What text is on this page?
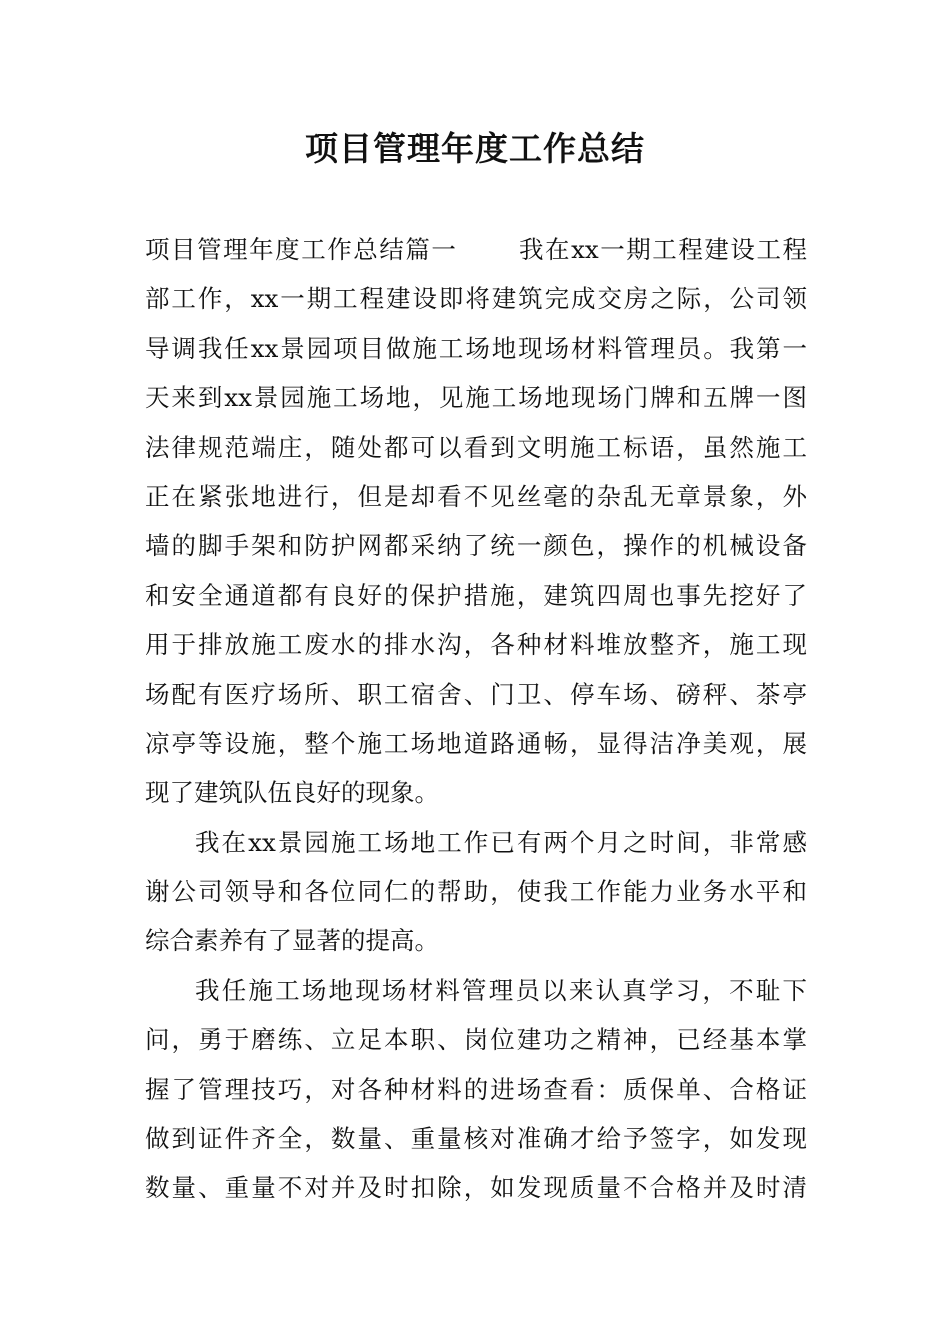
项目管理年度工作总结
项目管理年度工作总结篇一 我在xx一期工程建设工程
部工作，xx一期工程建设即将建筑完成交房之际，公司领
导调我任xx景园项目做施工场地现场材料管理员。我第一
天来到xx景园施工场地，见施工场地现场门牌和五牌一图
法律规范端庄，随处都可以看到文明施工标语，虽然施工
正在紧张地进行，但是却看不见丝毫的杂乱无章景象，外
墙的脚手架和防护网都采纳了统一颜色，操作的机械设备
和安全通道都有良好的保护措施，建筑四周也事先挖好了
用于排放施工废水的排水沟，各种材料堆放整齐，施工现
场配有医疗场所、职工宿舍、门卫、停车场、磅秤、茶亭
凉亭等设施，整个施工场地道路通畅，显得洁净美观，展
现了建筑队伍良好的现象。
我在xx景园施工场地工作已有两个月之时间，非常感
谢公司领导和各位同仁的帮助，使我工作能力业务水平和
综合素养有了显著的提高。
我任施工场地现场材料管理员以来认真学习，不耻下
问，勇于磨练、立足本职、岗位建功之精神，已经基本掌
握了管理技巧，对各种材料的进场查看：质保单、合格证
做到证件齐全，数量、重量核对准确才给予签字，如发现
数量、重量不对并及时扣除，如发现质量不合格并及时清
